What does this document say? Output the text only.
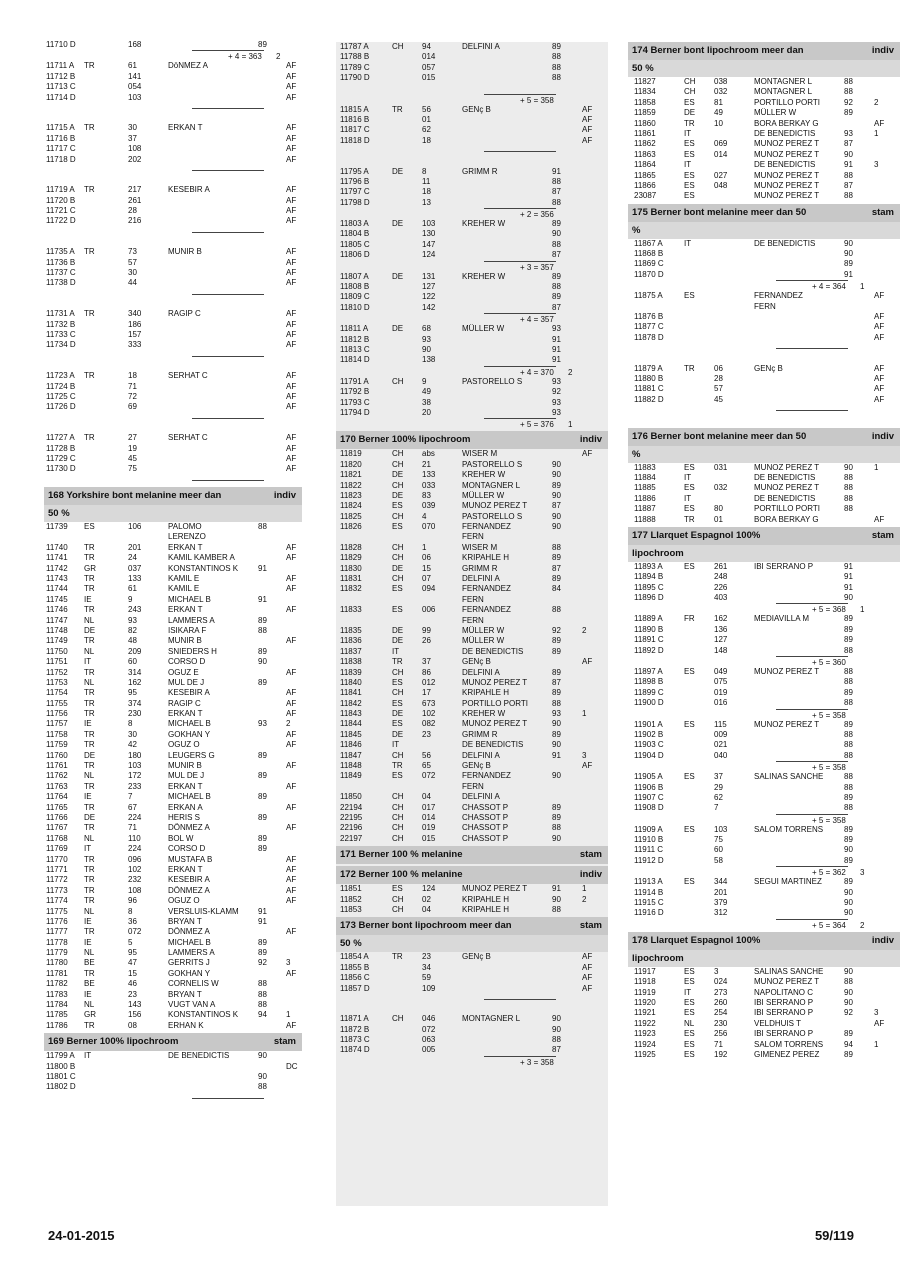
11710 D	168	89
+ 4 = 363 2
11711 A TR	61	DöNMEZ A	AF
11712 B	141	AF
11713 C	054	AF
11714 D	103	AF
11715 A TR	30	ERKAN T	AF
11716 B	37	AF
11717 C	108	AF
11718 D	202	AF
11719 A TR	217	KESEBIR A	AF
11720 B	261	AF
11721 C	28	AF
11722 D	216	AF
11735 A TR	73	MUNIR B	AF
11736 B	57	AF
11737 C	30	AF
11738 D	44	AF
11731 A TR	340	RAGIP C	AF
11732 B	186	AF
11733 C	157	AF
11734 D	333	AF
11723 A TR	18	SERHAT C	AF
11724 B	71	AF
11725 C	72	AF
11726 D	69	AF
11727 A TR	27	SERHAT C	AF
11728 B	19	AF
11729 C	45	AF
11730 D	75	AF
168 Yorkshire bont melanine meer dan	indiv
50 %
11739 ES	106	PALOMO	88
LERENZO
11740 TR	201	ERKAN T	AF
11741 TR	24	KAMIL KAMBER A	AF
11742 GR	037	KONSTANTINOS K 91
11743 TR	133	KAMIL E	AF
11744 TR	61	KAMIL E	AF
11745 IE	9	MICHAEL B	91
11746 TR	243	ERKAN T	AF
11747 NL	93	LAMMERS A	89
11748 DE	82	ISIKARA F	88
11749 TR	48	MUNIR B	AF
11750 NL	209	SNIEDERS H	89
11751 IT	60	CORSO D	90
11752 TR	314	OGUZ E	AF
11753 NL	162	MUL DE J	89
11754 TR	95	KESEBIR A	AF
11755 TR	374	RAGIP C	AF
11756 TR	230	ERKAN T	AF
11757 IE	8	MICHAEL B	93 2
11758 TR	30	GOKHAN Y	AF
11759 TR	42	OGUZ O	AF
11760 DE	180	LEUGERS G	89
11761 TR	103	MUNIR B	AF
11762 NL	172	MUL DE J	89
11763 TR	233	ERKAN T	AF
11764 IE	7	MICHAEL B	89
11765 TR	67	ERKAN A	AF
11766 DE	224	HERIS S	89
11767 TR	71	DÖNMEZ A	AF
11768 NL	110	BOL W	89
11769 IT	224	CORSO D	89
11770 TR	096	MUSTAFA B	AF
11771 TR	102	ERKAN T	AF
11772 TR	232	KESEBIR A	AF
11773 TR	108	DÖNMEZ A	AF
11774 TR	96	OGUZ O	AF
11775 NL	8	VERSLUIS-KLAMM 91
11776 IE	36	BRYAN T	91
11777 TR	072	DÖNMEZ A	AF
11778 IE	5	MICHAEL B	89
11779 NL	95	LAMMERS A	89
11780 BE	47	GERRITS J	92 3
11781 TR	15	GOKHAN Y	AF
11782 BE	46	CORNELIS W	88
11783 IE	23	BRYAN T	88
11784 NL	143	VUGT VAN A	88
11785 GR	156	KONSTANTINOS K 94 1
11786 TR	08	ERHAN K	AF
169 Berner 100% lipochroom	stam
11799 A IT	DE BENEDICTIS	90
11800 B	DC
11801 C	90
11802 D	88
11787 A	CH 94	DELFINI A	89
11788 B	014	88
11789 C	057	88
11790 D	015	88
+ 5 = 358
11815 A	TR 56	GENç B	AF
11816 B	01	AF
11817 C	62	AF
11818 D	18	AF
11795 A	DE 8	GRIMM R	91
11796 B	11	88
11797 C	18	87
11798 D	13	88
+ 2 = 356
11803 A	DE 103	KREHER W	89
11804 B	130	90
11805 C	147	88
11806 D	124	87
+ 3 = 357
11807 A	DE 131	KREHER W	89
11808 B	127	88
11809 C	122	89
11810 D	142	87
+ 4 = 357
11811 A	DE 68	MÜLLER W	93
11812 B	93	91
11813 C	90	91
11814 D	138	91
+ 4 = 370 2
11791 A	CH 9	PASTORELLO S	93
11792 B	49	92
11793 C	38	93
11794 D	20	93
+ 5 = 376 1
170 Berner 100% lipochroom	indiv
11819	CH abs	WISER M	AF
11820	CH 21	PASTORELLO S	90
11821	DE 133	KREHER W	90
11822	CH 033	MONTAGNER L	89
11823	DE 83	MÜLLER W	90
11824	ES 039	MUNOZ PEREZ T	87
11825	CH 4	PASTORELLO S	90
11826	ES 070	FERNANDEZ	90
FERN
11828	CH 1	WISER M	88
11829	CH 06	KRIPAHLE H	89
11830	DE 15	GRIMM R	87
11831	CH 07	DELFINI A	89
11832	ES 094	FERNANDEZ	84
FERN
11833	ES 006	FERNANDEZ	88
FERN
11835	DE 99	MÜLLER W	92	2
11836	DE 26	MÜLLER W	89
11837	IT	DE BENEDICTIS	89
11838	TR 37	GENç B	AF
11839	CH 86	DELFINI A	89
11840	ES 012	MUNOZ PEREZ T	87
11841	CH 17	KRIPAHLE H	89
11842	ES 673	PORTILLO PORTI	88
11843	DE 102	KREHER W	93	1
11844	ES 082	MUNOZ PEREZ T	90
11845	DE 23	GRIMM R	89
11846	IT	DE BENEDICTIS	90
11847	CH 56	DELFINI A	91	3
11848	TR 65	GENç B	AF
11849	ES 072	FERNANDEZ	90
FERN
11850	CH 04	DELFINI A
22194	CH 017	CHASSOT P	89
22195	CH 014	CHASSOT P	89
22196	CH 019	CHASSOT P	88
22197	CH 015	CHASSOT P	90
171 Berner 100 % melanine	stam
172 Berner 100 % melanine	indiv
11851	ES 124	MUNOZ PEREZ T	91	1
11852	CH 02	KRIPAHLE H	90	2
11853	CH 04	KRIPAHLE H	88
173 Berner bont lipochroom meer dan	stam
50 %
11854 A	TR 23	GENç B	AF
11855 B	34	AF
11856 C	59	AF
11857 D	109	AF
11871 A	CH 046	MONTAGNER L	90
11872 B	072	90
11873 C	063	88
11874 D	005	87
+ 3 = 358
174 Berner bont lipochroom meer dan	indiv
50 %
11827	CH 038	MONTAGNER L	88
11834	CH 032	MONTAGNER L	88
11858	ES 81	PORTILLO PORTI	92	2
11859	DE 49	MÜLLER W	89
11860	TR 10	BORA BERKAY G	AF
11861	IT	DE BENEDICTIS	93	1
11862	ES 069	MUNOZ PEREZ T	87
11863	ES 014	MUNOZ PEREZ T	90
11864	IT	DE BENEDICTIS	91	3
11865	ES 027	MUNOZ PEREZ T	88
11866	ES 048	MUNOZ PEREZ T	87
23087	ES	MUNOZ PEREZ T	88
175 Berner bont melanine meer dan 50	stam
%
11867 A	IT	DE BENEDICTIS	90
11868 B	90
11869 C	89
11870 D	91
+ 4 = 364 1
11875 A	ES	FERNANDEZ	AF
FERN
11876 B	AF
11877 C	AF
11878 D	AF
11879 A	TR 06	GENç B	AF
11880 B	28	AF
11881 C	57	AF
11882 D	45	AF
176 Berner bont melanine meer dan 50	indiv
%
11883	ES 031	MUNOZ PEREZ T	90	1
11884	IT	DE BENEDICTIS	88
11885	ES 032	MUNOZ PEREZ T	88
11886	IT	DE BENEDICTIS	88
11887	ES 80	PORTILLO PORTI	88
11888	TR 01	BORA BERKAY G	AF
177 Llarquet Espagnol 100%	stam
lipochroom
11893 A	ES 261	IBI SERRANO P	91
11894 B	248	91
11895 C	226	91
11896 D	403	90
+ 5 = 368 1
11889 A	FR 162	MEDIAVILLA M	89
11890 B	136	89
11891 C	127	89
11892 D	148	88
+ 5 = 360
11897 A	ES 049	MUNOZ PEREZ T	88
11898 B	075	88
11899 C	019	89
11900 D	016	88
+ 5 = 358
11901 A	ES 115	MUNOZ PEREZ T	89
11902 B	009	88
11903 C	021	88
11904 D	040	88
+ 5 = 358
11905 A	ES 37	SALINAS SANCHE	88
11906 B	29	88
11907 C	62	89
11908 D	7	88
+ 5 = 358
11909 A	ES 103	SALOM TORRENS	89
11910 B	75	89
11911 C	60	90
11912 D	58	89
+ 5 = 362 3
11913 A	ES 344	SEGUI MARTINEZ	89
11914 B	201	90
11915 C	379	90
11916 D	312	90
+ 5 = 364 2
178 Llarquet Espagnol 100%	indiv
lipochroom
11917	ES 3	SALINAS SANCHE	90
11918	ES 024	MUNOZ PEREZ T	88
11919	IT	273	NAPOLITANO C	90
11920	ES 260	IBI SERRANO P	90
11921	ES 254	IBI SERRANO P	92	3
11922	NL 230	VELDHUIS T	AF
11923	ES 256	IBI SERRANO P	89
11924	ES 71	SALOM TORRENS	94	1
11925	ES 192	GIMENEZ PEREZ	89
24-01-2015	59/119
